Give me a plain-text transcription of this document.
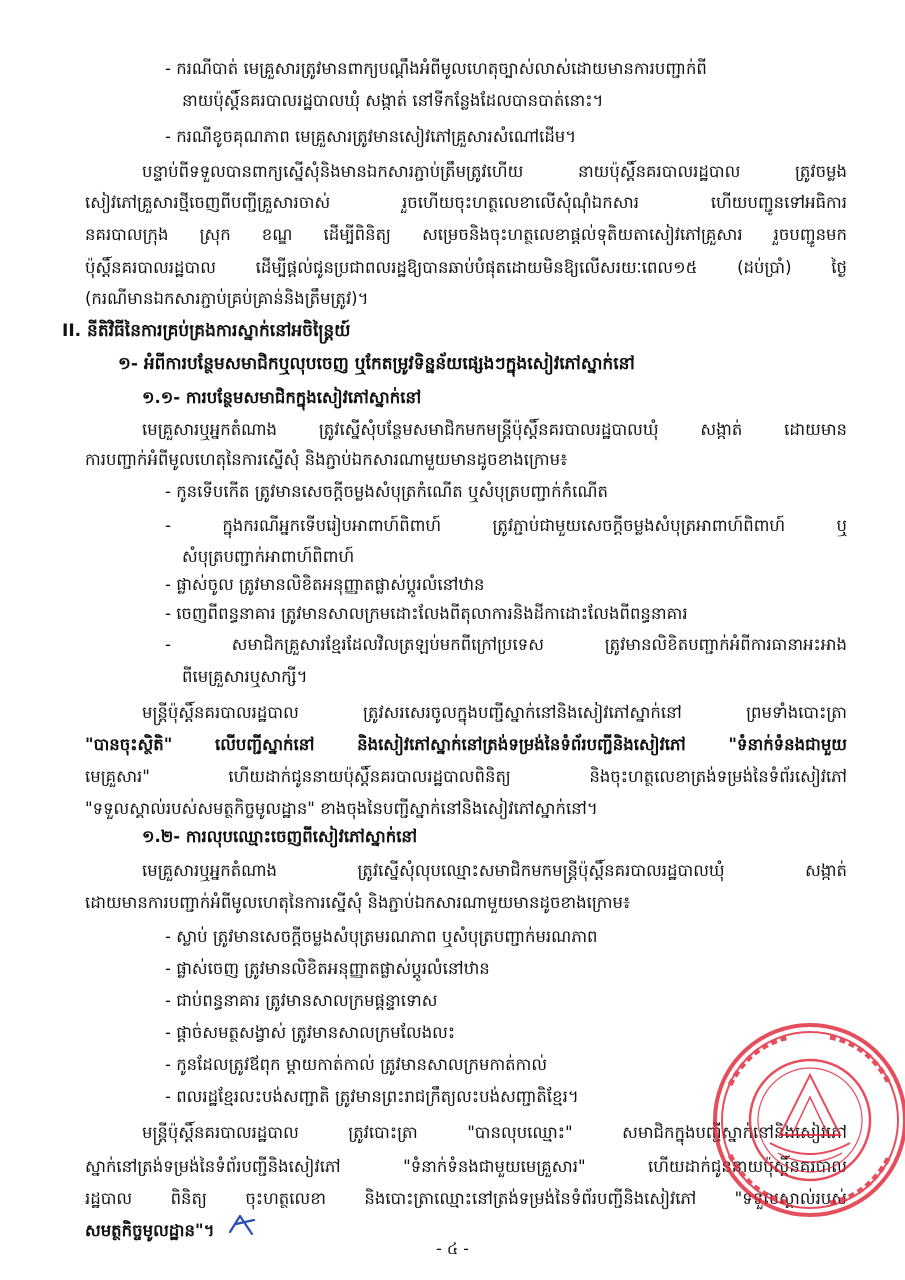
- ករណីបាត់ មេគ្រួសារត្រូវមានពាក្យបណ្ដឹងអំពីមូលហេតុច្បាស់លាស់ដោយមានការបញ្ជាក់ពី
នាយប៉ុស្តិ៍នគរបាលរដ្ឋបាលឃុំ សង្កាត់ នៅទីកន្លែងដែលបានបាត់នោះ។
- ករណីខូចគុណភាព មេគ្រួសារត្រូវមានសៀវភៅគ្រួសារសំណៅដើម។
បន្ទាប់ពីទទួលបានពាក្យស្នើសុំនិងមានឯកសារភ្ជាប់ត្រឹមត្រូវហើយ នាយប៉ុស្តិ៍នគរបាលរដ្ឋបាល ត្រូវចម្លង
សៀវភៅគ្រួសារថ្មីចេញពីបញ្ជីគ្រួសារចាស់ រួចហើយចុះហត្ថលេខាលើសុំណុំឯកសារ ហើយបញ្ជូនទៅអធិការ
នគរបាលក្រុង ស្រុក ខណ្ឌ ដើម្បីពិនិត្យ សម្រេចនិងចុះហត្ថលេខាផ្ដល់ទុតិយតាសៀវភៅគ្រួសារ រួចបញ្ជូនមក
ប៉ុស្តិ៍នគរបាលរដ្ឋបាល ដើម្បីផ្ដល់ជូនប្រជាពលរដ្ឋឱ្យបានឆាប់បំផុតដោយមិនឱ្យលើសរយៈពេល១៥ (ដប់ប្រាំ) ថ្ងៃ
(ករណីមានឯកសារភ្ជាប់គ្រប់គ្រាន់និងត្រឹមត្រូវ)។
II. នីតិវិធីនៃការគ្រប់គ្រងការស្នាក់នៅអចិន្ត្រៃយ៍
១- អំពីការបន្ថែមសមាជិកឬលុបចេញ ឬកែតម្រូវទិន្នន័យផ្សេងៗក្នុងសៀវភៅស្នាក់នៅ
១.១- ការបន្ថែមសមាជិកក្នុងសៀវភៅស្នាក់នៅ
មេគ្រួសារឬអ្នកតំណាង ត្រូវស្នើសុំបន្ថែមសមាជិកមកមន្ត្រីប៉ុស្តិ៍នគរបាលរដ្ឋបាលឃុំ សង្កាត់ ដោយមាន
ការបញ្ជាក់អំពីមូលហេតុនៃការស្នើសុំ និងភ្ជាប់ឯកសារណាមួយមានដូចខាងក្រោម៖
- កូនទើបកើត ត្រូវមានសេចក្ដីចម្លងសំបុត្រកំណើត ឬសំបុត្របញ្ជាក់កំណើត
- ក្នុងករណីអ្នកទើបរៀបអាពាហ៍ពិពាហ៍ ត្រូវភ្ជាប់ជាមួយសេចក្ដីចម្លងសំបុត្រអាពាហ៍ពិពាហ៍ ឬ
សំបុត្របញ្ជាក់អាពាហ៍ពិពាហ៍
- ផ្លាស់ចូល ត្រូវមានលិខិតអនុញ្ញាតផ្លាស់ប្ដូរលំនៅឋាន
- ចេញពីពន្ធនាគារ ត្រូវមានសាលក្រមដោះលែងពីតុលាការនិងដីកាដោះលែងពីពន្ធនាគារ
- សមាជិកគ្រួសារខ្មែរដែលវិលត្រឡប់មកពីក្រៅប្រទេស ត្រូវមានលិខិតបញ្ជាក់អំពីការធានាអះអាង
ពីមេគ្រួសារឬសាក្សី។
មន្ត្រីប៉ុស្តិ៍នគរបាលរដ្ឋបាល ត្រូវសរសេរចូលក្នុងបញ្ជីស្នាក់នៅនិងសៀវភៅស្នាក់នៅ ព្រមទាំងបោះត្រា
"បានចុះស្ថិតិ" លើបញ្ជីស្នាក់នៅ និងសៀវភៅស្នាក់នៅត្រង់ទម្រង់នៃទំព័របញ្ជីនិងសៀវភៅ "ទំនាក់ទំនងជាមួយ
មេគ្រួសារ" ហើយដាក់ជូននាយប៉ុស្តិ៍នគរបាលរដ្ឋបាលពិនិត្យ និងចុះហត្ថលេខាត្រង់ទម្រង់នៃទំព័រសៀវភៅ
"ទទួលស្គាល់របស់សមត្ថកិច្ចមូលដ្ឋាន" ខាងចុងនៃបញ្ជីស្នាក់នៅនិងសៀវភៅស្នាក់នៅ។
១.២- ការលុបឈ្មោះចេញពីសៀវភៅស្នាក់នៅ
មេគ្រួសារឬអ្នកតំណាង ត្រូវស្នើសុំលុបឈ្មោះសមាជិកមកមន្ត្រីប៉ុស្តិ៍នគរបាលរដ្ឋបាលឃុំ សង្កាត់
ដោយមានការបញ្ជាក់អំពីមូលហេតុនៃការស្នើសុំ និងភ្ជាប់ឯកសារណាមួយមានដូចខាងក្រោម៖
- ស្លាប់ ត្រូវមានសេចក្ដីចម្លងសំបុត្រមរណភាព ឬសំបុត្របញ្ជាក់មរណភាព
- ផ្លាស់ចេញ ត្រូវមានលិខិតអនុញ្ញាតផ្លាស់ប្ដូរលំនៅឋាន
- ជាប់ពន្ធនាគារ ត្រូវមានសាលក្រមផ្ដន្ទាទោស
- ផ្ដាច់សមត្ថសង្វាស់ ត្រូវមានសាលក្រមលែងលះ
- កូនដែលត្រូវឪពុក ម្ដាយកាត់កាល់ ត្រូវមានសាលក្រមកាត់កាល់
- ពលរដ្ឋខ្មែរលះបង់សញ្ជាតិ ត្រូវមានព្រះរាជក្រឹត្យលះបង់សញ្ជាតិខ្មែរ។
មន្ត្រីប៉ុស្តិ៍នគរបាលរដ្ឋបាល ត្រូវបោះត្រា "បានលុបឈ្មោះ" សមាជិកក្នុងបញ្ជីស្នាក់នៅនិងសៀវភៅ
ស្នាក់នៅត្រង់ទម្រង់នៃទំព័របញ្ជីនិងសៀវភៅ "ទំនាក់ទំនងជាមួយមេគ្រួសារ" ហើយដាក់ជូននាយប៉ុស្តិ៍នគរបាល
រដ្ឋបាល ពិនិត្យ ចុះហត្ថលេខា និងបោះត្រាឈ្មោះនៅត្រង់ទម្រង់នៃទំព័របញ្ជីនិងសៀវភៅ "ទទួលស្គាល់របស់
សមត្ថកិច្ចមូលដ្ឋាន"។
- ៤ -
